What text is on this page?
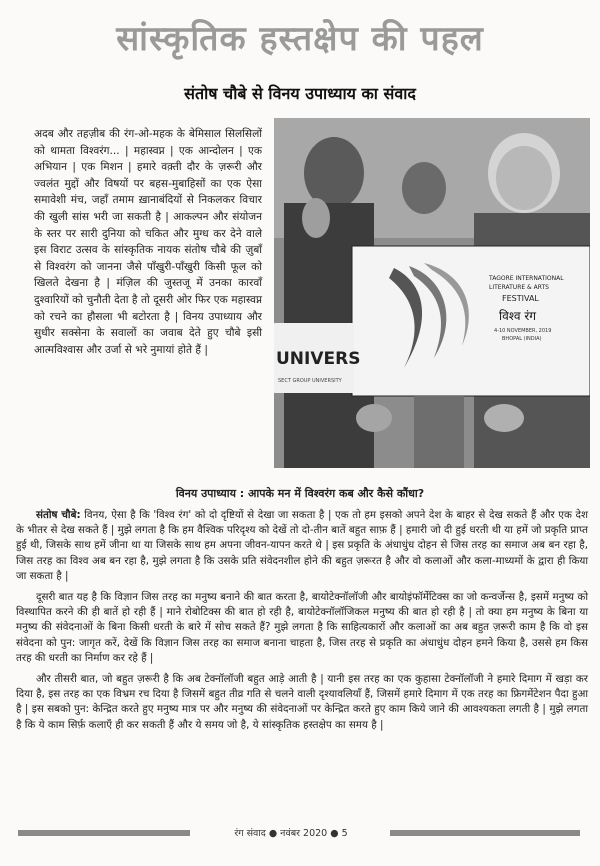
सांस्कृतिक हस्तक्षेप की पहल
संतोष चौबे से विनय उपाध्याय का संवाद
अदब और तहज़ीब की रंग-ओ-महक के बेमिसाल सिलसिलों को थामता विश्वरंग... | महास्वप्न | एक आन्दोलन | एक अभियान | एक मिशन | हमारे वक़्ती दौर के ज़रूरी और ज्वलंत मुद्दों और विषयों पर बहस-मुबाहिसों का एक ऐसा समावेशी मंच, जहाँ तमाम ख़ानाबंदियों से निकलकर विचार की खुली सांस भरी जा सकती है | आकल्पन और संयोजन के स्तर पर सारी दुनिया को चकित और मुग्ध कर देने वाले इस विराट उत्सव के सांस्कृतिक नायक संतोष चौबे की ज़ुबाँ से विश्वरंग को जानना जैसे पाँखुरी-पाँखुरी किसी फूल को खिलते देखना है | मंज़िल की जुस्तजू में उनका कारवाँ दुश्वारियों को चुनौती देता है तो दूसरी ओर फिर एक महास्वप्न को रचने का हौसला भी बटोरता है | विनय उपाध्याय और सुधीर सक्सेना के सवालों का जवाब देते हुए चौबे इसी आत्मविश्वास और उर्जा से भरे नुमायां होते हैं |
TAGORE INTERNATIONAL
LITERATURE & ARTS
FESTIVAL
विश्व रंग
4-10 NOVEMBER, 2019
BHOPAL (INDIA)
UNIVERS
SECT GROUP UNIVERSITY
विनय उपाध्याय : आपके मन में विश्वरंग कब और कैसे कौंधा?

संतोष चौबे: विनय, ऐसा है कि 'विश्व रंग' को दो दृष्टियों से देखा जा सकता है | एक तो हम इसको अपने देश के बाहर से देख सकते हैं और एक देश के भीतर से देख सकते हैं | मुझे लगता है कि हम वैश्विक परिदृश्य को देखें तो दो-तीन बातें बहुत साफ़ हैं | हमारी जो दी हुई धरती थी या हमें जो प्रकृति प्राप्त हुई थी, जिसके साथ हमें जीना था या जिसके साथ हम अपना जीवन-यापन करते थे | इस प्रकृति के अंधाधुंध दोहन से जिस तरह का समाज अब बन रहा है, जिस तरह का विश्व अब बन रहा है, मुझे लगता है कि उसके प्रति संवेदनशील होने की बहुत ज़रूरत है और वो कलाओं और कला-माध्यमों के द्वारा ही किया जा सकता है |

दूसरी बात यह है कि विज्ञान जिस तरह का मनुष्य बनाने की बात करता है, बायोटेक्नॉलॉजी और बायोइंफॉर्मेटिक्स का जो कन्वर्जेन्स है, इसमें मनुष्य को विस्थापित करने की ही बातें हो रही हैं | माने रोबोटिक्स की बात हो रही है, बायोटेक्नॉलॉजिकल मनुष्य की बात हो रही है | तो क्या हम मनुष्य के बिना या मनुष्य की संवेदनाओं के बिना किसी धरती के बारे में सोच सकते हैं? मुझे लगता है कि साहित्यकारों और कलाओं का अब बहुत ज़रूरी काम है कि वो इस संवेदना को पुन: जागृत करें, देखें कि विज्ञान जिस तरह का समाज बनाना चाहता है, जिस तरह से प्रकृति का अंधाधुंध दोहन हमने किया है, उससे हम किस तरह की धरती का निर्माण कर रहे हैं |

और तीसरी बात, जो बहुत ज़रूरी है कि अब टेक्नॉलॉजी बहुत आड़े आती है | यानी इस तरह का एक कुहासा टेक्नॉलॉजी ने हमारे दिमाग में खड़ा कर दिया है, इस तरह का एक विभ्रम रच दिया है जिसमें बहुत तीव्र गति से चलने वाली दृश्यावलियाँ हैं, जिसमें हमारे दिमाग में एक तरह का फ्रिगमेंटेशन पैदा हुआ है | इस सबको पुन: केन्द्रित करते हुए मनुष्य मात्र पर और मनुष्य की संवेदनाओं पर केन्द्रित करते हुए काम किये जाने की आवश्यकता लगती है | मुझे लगता है कि ये काम सिर्फ़ कलाएँ ही कर सकती हैं और ये समय जो है, ये सांस्कृतिक हस्तक्षेप का समय है |

रंग संवाद ● नवंबर 2020 ● 5
